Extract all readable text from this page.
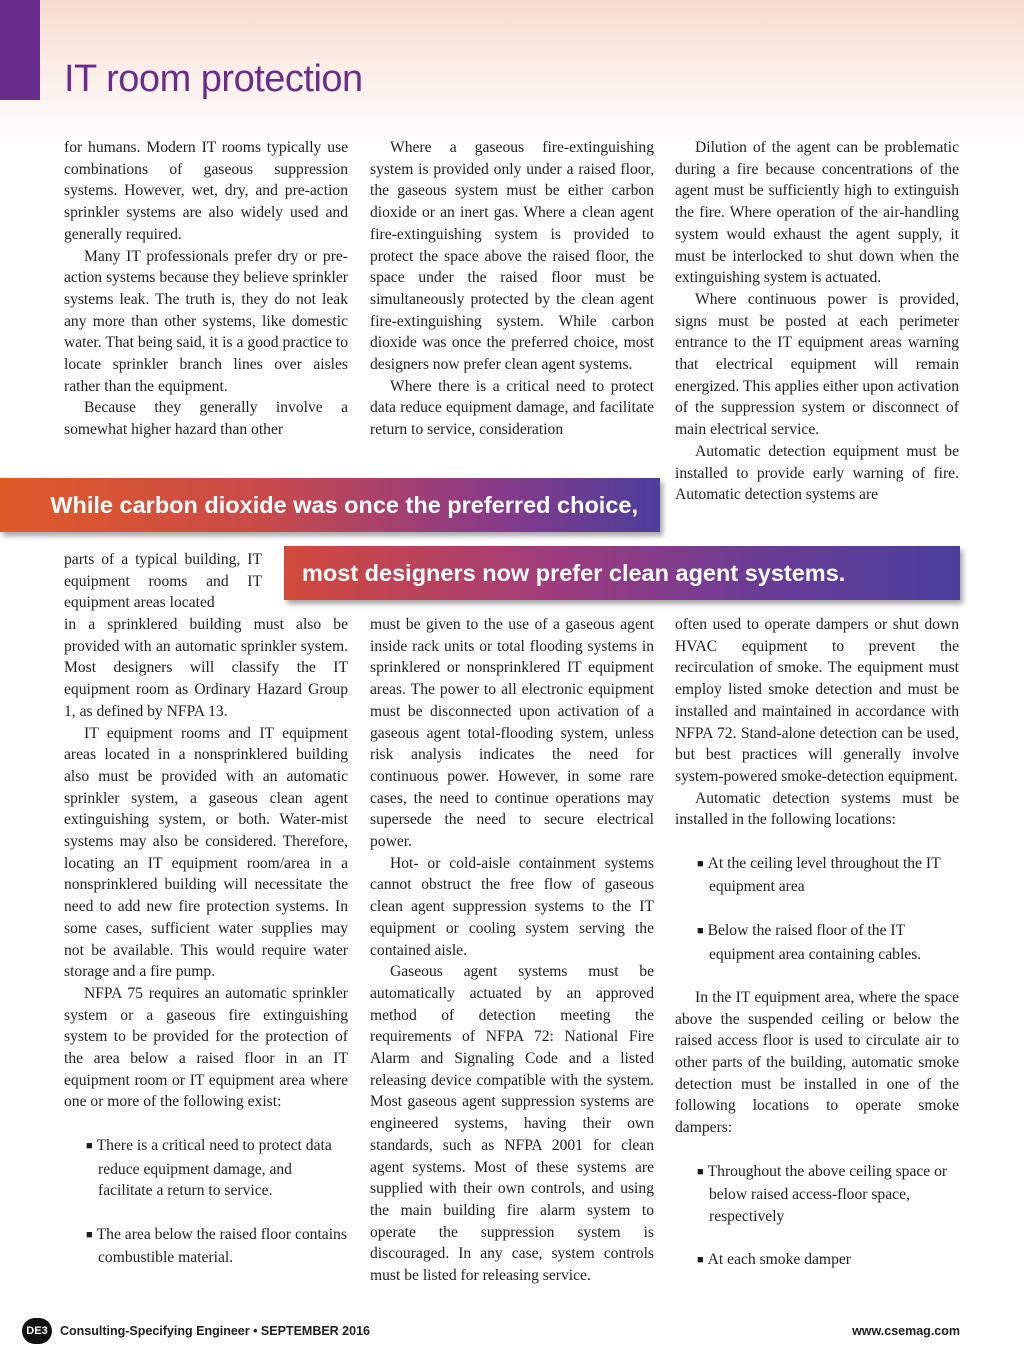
IT room protection

for humans. Modern IT rooms typically use combinations of gaseous suppression systems. However, wet, dry, and pre-action sprinkler systems are also widely used and generally required.

Many IT professionals prefer dry or pre-action systems because they believe sprinkler systems leak. The truth is, they do not leak any more than other systems, like domestic water. That being said, it is a good practice to locate sprinkler branch lines over aisles rather than the equipment.

Because they generally involve a somewhat higher hazard than other

Where a gaseous fire-extinguishing system is provided only under a raised floor, the gaseous system must be either carbon dioxide or an inert gas. Where a clean agent fire-extinguishing system is provided to protect the space above the raised floor, the space under the raised floor must be simultaneously protected by the clean agent fire-extinguishing system. While carbon dioxide was once the preferred choice, most designers now prefer clean agent systems.

Where there is a critical need to protect data reduce equipment damage, and facilitate return to service, consideration

Dilution of the agent can be problematic during a fire because concentrations of the agent must be sufficiently high to extinguish the fire. Where operation of the air-handling system would exhaust the agent supply, it must be interlocked to shut down when the extinguishing system is actuated.

Where continuous power is provided, signs must be posted at each perimeter entrance to the IT equipment areas warning that electrical equipment will remain energized. This applies either upon activation of the suppression system or disconnect of main electrical service.

Automatic detection equipment must be installed to provide early warning of fire. Automatic detection systems are

While carbon dioxide was once the preferred choice,
most designers now prefer clean agent systems.

parts of a typical building, IT equipment rooms and IT equipment areas located

in a sprinklered building must also be provided with an automatic sprinkler system. Most designers will classify the IT equipment room as Ordinary Hazard Group 1, as defined by NFPA 13.

IT equipment rooms and IT equipment areas located in a nonsprinklered building also must be provided with an automatic sprinkler system, a gaseous clean agent extinguishing system, or both. Water-mist systems may also be considered. Therefore, locating an IT equipment room/area in a nonsprinklered building will necessitate the need to add new fire protection systems. In some cases, sufficient water supplies may not be available. This would require water storage and a fire pump.

NFPA 75 requires an automatic sprinkler system or a gaseous fire extinguishing system to be provided for the protection of the area below a raised floor in an IT equipment room or IT equipment area where one or more of the following exist:

■ There is a critical need to protect data reduce equipment damage, and facilitate a return to service.
■ The area below the raised floor contains combustible material.

must be given to the use of a gaseous agent inside rack units or total flooding systems in sprinklered or nonsprinklered IT equipment areas. The power to all electronic equipment must be disconnected upon activation of a gaseous agent total-flooding system, unless risk analysis indicates the need for continuous power. However, in some rare cases, the need to continue operations may supersede the need to secure electrical power.

Hot- or cold-aisle containment systems cannot obstruct the free flow of gaseous clean agent suppression systems to the IT equipment or cooling system serving the contained aisle.

Gaseous agent systems must be automatically actuated by an approved method of detection meeting the requirements of NFPA 72: National Fire Alarm and Signaling Code and a listed releasing device compatible with the system. Most gaseous agent suppression systems are engineered systems, having their own standards, such as NFPA 2001 for clean agent systems. Most of these systems are supplied with their own controls, and using the main building fire alarm system to operate the suppression system is discouraged. In any case, system controls must be listed for releasing service.

often used to operate dampers or shut down HVAC equipment to prevent the recirculation of smoke. The equipment must employ listed smoke detection and must be installed and maintained in accordance with NFPA 72. Stand-alone detection can be used, but best practices will generally involve system-powered smoke-detection equipment.

Automatic detection systems must be installed in the following locations:

■ At the ceiling level throughout the IT equipment area
■ Below the raised floor of the IT equipment area containing cables.

In the IT equipment area, where the space above the suspended ceiling or below the raised access floor is used to circulate air to other parts of the building, automatic smoke detection must be installed in one of the following locations to operate smoke dampers:

■ Throughout the above ceiling space or below raised access-floor space, respectively
■ At each smoke damper
DE3 Consulting-Specifying Engineer • SEPTEMBER 2016	www.csemag.com
